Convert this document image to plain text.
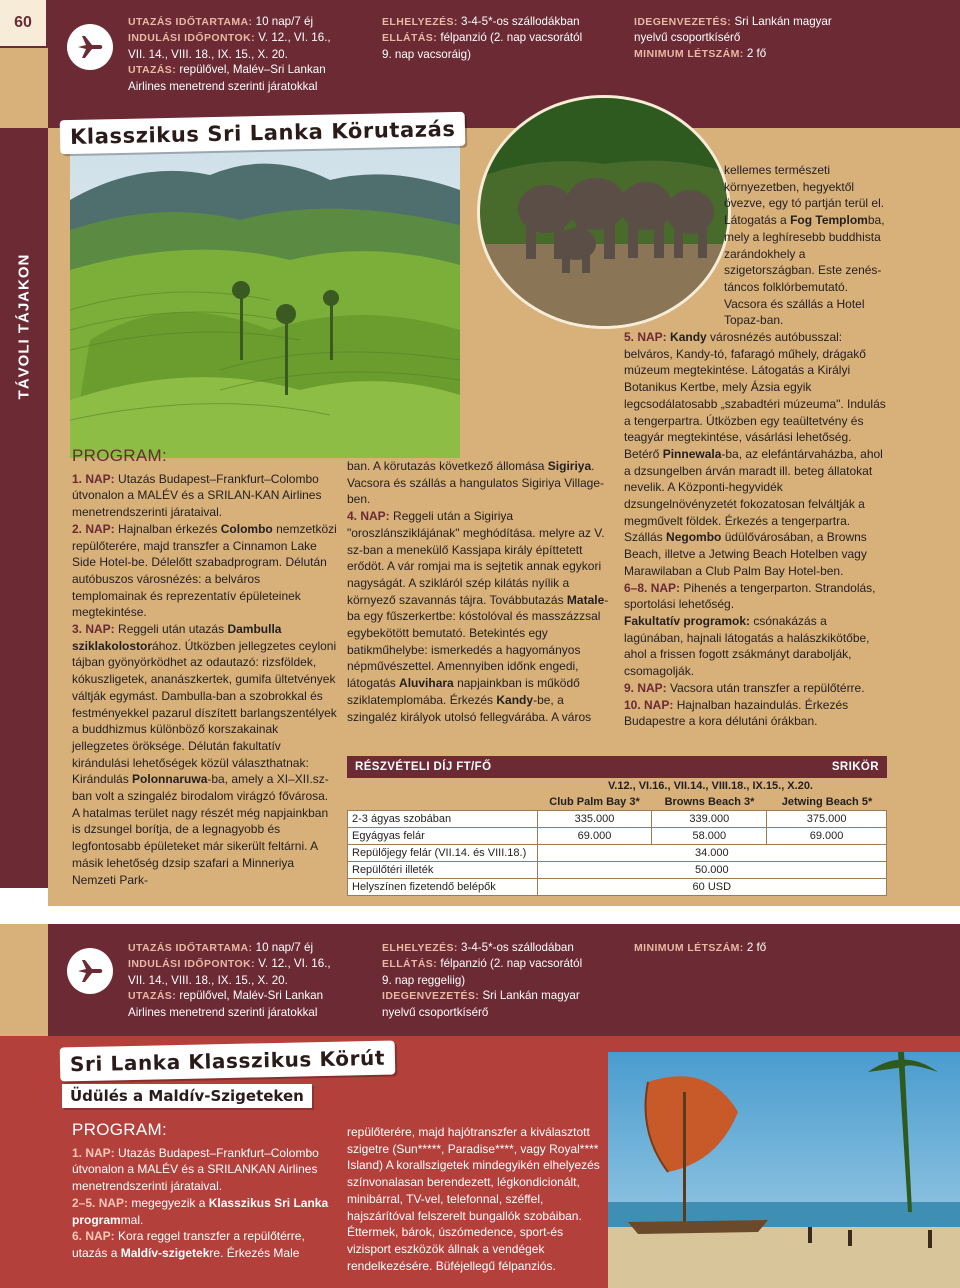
60	UTAZÁS IDŐTARTAMA: 10 nap/7 éj
INDULÁSI IDŐPONTOK: V. 12., VI. 16.,
VII. 14., VIII. 18., IX. 15., X. 20.
UTAZÁS: repülővel, Malév–Sri Lankan
Airlines menetrend szerinti járatokkal
ELHELYEZÉS: 3-4-5*-os szállodákban
ELLÁTÁS: félpanzió (2. nap vacsorától
9. nap vacsoráig)
IDEGENVEZETÉS: Sri Lankán magyar
nyelvű csoportkísérő
MINIMUM LÉTSZÁM: 2 fő
TÁVOLI TÁJAKON
Klasszikus Sri Lanka Körutazás
PROGRAM:
1. NAP: Utazás Budapest–Frankfurt–Colombo útvonalon a MALÉV és a SRILAN-KAN Airlines menetrendszerinti járataival.
2. NAP: Hajnalban érkezés Colombo nemzetközi repülőterére, majd transzfer a Cinnamon Lake Side Hotel-be. Délelőtt szabadprogram. Délután autóbuszos városnézés: a belváros templomainak és reprezentatív épületeinek megtekintése.
3. NAP: Reggeli után utazás Dambulla sziklakolostorához. Útközben jellegzetes ceyloni tájban gyönyörködhet az odautazó: rizsföldek, kókuszligetek, ananászkertek, gumifa ültetvények váltják egymást. Dambulla-ban a szobrokkal és festményekkel pazarul díszített barlangszentélyek a buddhizmus különböző korszakainak jellegzetes öröksége. Délután fakultatív kirándulási lehetőségek közül választhatnak: Kirándulás Polonnaruwa-ba, amely a XI–XII.sz-ban volt a szingaléz birodalom virágzó fővárosa. A hatalmas terület nagy részét még napjainkban is dzsungel borítja, de a legnagyobb és legfontosabb épületeket már sikerült feltárni. A másik lehetőség dzsip szafari a Minneriya Nemzeti Park-
ban. A körutazás következő állomása Sigiriya. Vacsora és szállás a hangulatos Sigiriya Village-ben.
4. NAP: Reggeli után a Sigiriya "oroszlánsziklájának" meghódítása. melyre az V. sz-ban a menekülő Kassjapa király építtetett erődöt. A vár romjai ma is sejtetik annak egykori nagyságát. A szikláról szép kilátás nyílik a környező szavannás tájra. Továbbutazás Matale-ba egy fűszerkertbe: kóstolóval és masszázzsal egybekötött bemutató. Betekintés egy batikműhelybe: ismerkedés a hagyományos népművészettel. Amennyiben időnk engedi, látogatás Aluvihara napjainkban is működő sziklatemplomába. Érkezés Kandy-be, a szingaléz királyok utolsó fellegvárába. A város
kellemes természeti környezetben, hegyektől övezve, egy tó partján terül el. Látogatás a Fog Templomba, mely a leghíresebb buddhista zarándokhely a szigetországban. Este zenés-táncos folklórbemutató. Vacsora és szállás a Hotel Topaz-ban.
5. NAP: Kandy városnézés autóbusszal: belváros, Kandy-tó, fafaragó műhely, drágakő múzeum megtekintése. Látogatás a Királyi Botanikus Kertbe, mely Ázsia egyik legcsodálatosabb „szabadtéri múzeuma". Indulás a tengerpartra. Útközben egy teaültetvény és teagyár megtekintése, vásárlási lehetőség. Betérő Pinnewala-ba, az elefántárvaházba, ahol a dzsungelben árván maradt ill. beteg állatokat nevelik. A Központi-hegyvidék dzsungelnövényzetét fokozatosan felváltják a megművelt földek. Érkezés a tengerpartra. Szállás Negombo üdülővárosában, a Browns Beach, illetve a Jetwing Beach Hotelben vagy Marawilaban a Club Palm Bay Hotel-ben.
6–8. NAP: Pihenés a tengerparton. Strandolás, sportolási lehetőség.
Fakultatív programok: csónakázás a lagúnában, hajnali látogatás a halászkikötőbe, ahol a frissen fogott zsákmányt darabolják, csomagolják.
9. NAP: Vacsora után transzfer a repülőtérre.
10. NAP: Hajnalban hazaindulás. Érkezés Budapestre a kora délutáni órákban.
RÉSZVÉTELI DÍJ FT/FŐ	SRIKÖR
V.12., VI.16., VII.14., VIII.18., IX.15., X.20.
Club Palm Bay 3*	Browns Beach 3*	Jetwing Beach 5*
2-3 ágyas szobában	335.000	339.000	375.000
Egyágyas felár	69.000	58.000	69.000
Repülőjegy felár (VII.14. és VIII.18.)	34.000		
Repülőtéri illeték	50.000		
Helyszínen fizetendő belépők	60 USD		
UTAZÁS IDŐTARTAMA: 10 nap/7 éj
INDULÁSI IDŐPONTOK: V. 12., VI. 16.,
VII. 14., VIII. 18., IX. 15., X. 20.
UTAZÁS: repülővel, Malév-Sri Lankan
Airlines menetrend szerinti járatokkal
ELHELYEZÉS: 3-4-5*-os szállodában
ELLÁTÁS: félpanzió (2. nap vacsorától
9. nap reggeliig)
IDEGENVEZETÉS: Sri Lankán magyar
nyelvű csoportkísérő
MINIMUM LÉTSZÁM: 2 fő
Sri Lanka Klasszikus Körút
Üdülés a Maldív-Szigeteken
PROGRAM:
1. NAP: Utazás Budapest–Frankfurt–Colombo útvonalon a MALÉV és a SRILANKAN Airlines menetrendszerinti járataival.
2–5. NAP: megegyezik a Klasszikus Sri Lanka programmal.
6. NAP: Kora reggel transzfer a repülőtérre, utazás a Maldív-szigetekre. Érkezés Male
repülőterére, majd hajótranszfer a kiválasztott szigetre (Sun*****, Paradise****, vagy Royal**** Island) A korallszigetek mindegyikén elhelyezés színvonalasan berendezett, légkondicionált, minibárral, TV-vel, telefonnal, széffel, hajszárítóval felszerelt bungallók szobáiban. Éttermek, bárok, úszómedence, sport-és vizisport eszközök állnak a vendégek rendelkezésére. Büféjellegű félpanziós.
